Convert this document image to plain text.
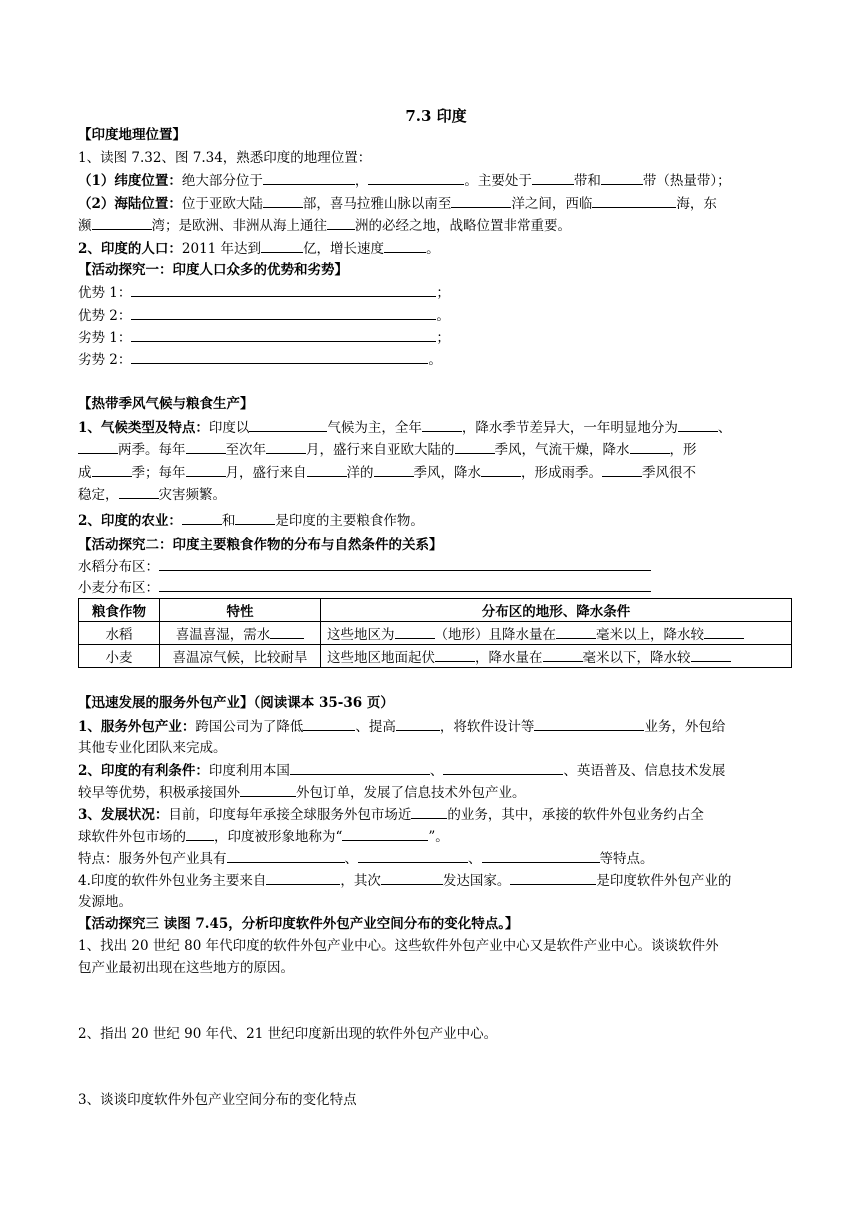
7.3 印度
【印度地理位置】
1、读图 7.32、图 7.34，熟悉印度的地理位置：
（1）纬度位置：绝大部分位于	，	。主要处于	带和	带（热量带）；
（2）海陆位置：位于亚欧大陆	部，喜马拉雅山脉以南至	洋之间，西临	海，东
濒	湾；是欧洲、非洲从海上通往 洲的必经之地，战略位置非常重要。
2、印度的人口：2011 年达到	亿，增长速度	。
【活动探究一：印度人口众多的优势和劣势】
优势 1：	；
优势 2：	。
劣势 1：	；
劣势 2：	。
【热带季风气候与粮食生产】
1、气候类型及特点：印度以	气候为主，全年	，降水季节差异大，一年明显地分为	、
两季。每年	至次年	月，盛行来自亚欧大陆的	季风，气流干燥，降水	，形
成	季；每年	月，盛行来自	洋的	季风，降水	，形成雨季。	季风很不
稳定，	灾害频繁。
2、印度的农业：	和	是印度的主要粮食作物。
【活动探究二：印度主要粮食作物的分布与自然条件的关系】
水稻分布区：
小麦分布区：
粮食作物	特性	分布区的地形、降水条件
水稻	喜温喜湿，需水	这些地区为 （地形）且降水量在 毫米以上，降水较
小麦	喜温凉气候，比较耐旱	这些地区地面起伏 ，降水量在 毫米以下，降水较
【迅速发展的服务外包产业】（阅读课本 35-36 页）
1、服务外包产业：跨国公司为了降低	、提高	，将软件设计等	业务，外包给
其他专业化团队来完成。
2、印度的有利条件：印度利用本国	、	、英语普及、信息技术发展
较早等优势，积极承接国外	外包订单，发展了信息技术外包产业。
3、发展状况：目前，印度每年承接全球服务外包市场近	的业务，其中，承接的软件外包业务约占全
球软件外包市场的 ，印度被形象地称为“	”。
特点：服务外包产业具有	、	、	等特点。
4.印度的软件外包业务主要来自	，其次	发达国家。	是印度软件外包产业的
发源地。
【活动探究三 读图 7.45，分析印度软件外包产业空间分布的变化特点。】
1、找出 20 世纪 80 年代印度的软件外包产业中心。这些软件外包产业中心又是软件产业中心。谈谈软件外
包产业最初出现在这些地方的原因。
2、指出 20 世纪 90 年代、21 世纪印度新出现的软件外包产业中心。
3、谈谈印度软件外包产业空间分布的变化特点
